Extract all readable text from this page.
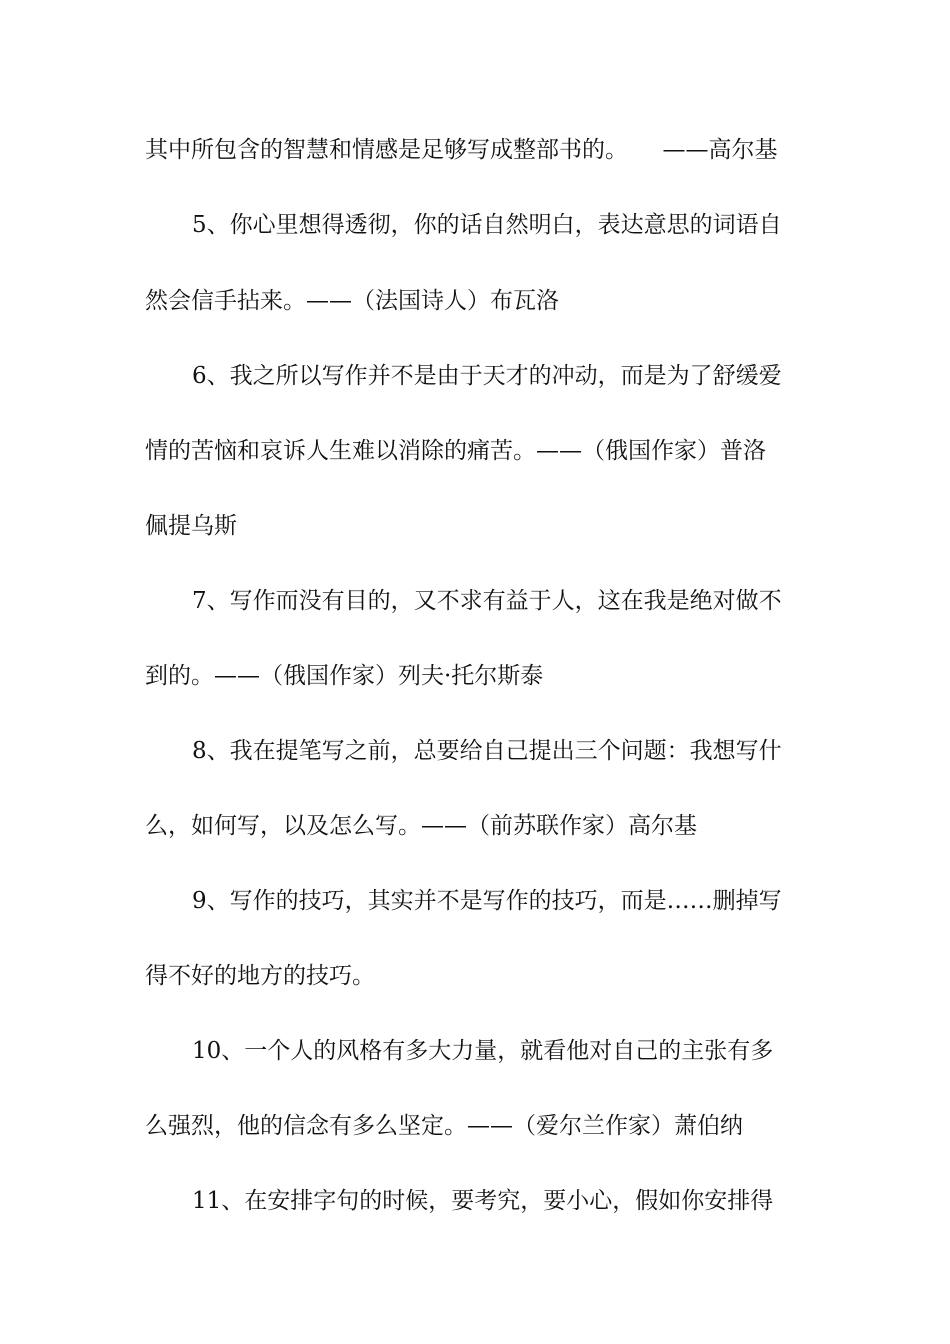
其中所包含的智慧和情感是足够写成整部书的。　　——高尔基
5、你心里想得透彻，你的话自然明白，表达意思的词语自
然会信手拈来。——（法国诗人）布瓦洛
6、我之所以写作并不是由于天才的冲动，而是为了舒缓爱
情的苦恼和哀诉人生难以消除的痛苦。——（俄国作家）普洛
佩提乌斯
7、写作而没有目的，又不求有益于人，这在我是绝对做不
到的。——（俄国作家）列夫·托尔斯泰
8、我在提笔写之前，总要给自己提出三个问题：我想写什
么，如何写，以及怎么写。——（前苏联作家）高尔基
9、写作的技巧，其实并不是写作的技巧，而是……删掉写
得不好的地方的技巧。
10、一个人的风格有多大力量，就看他对自己的主张有多
么强烈，他的信念有多么坚定。——（爱尔兰作家）萧伯纳
11、在安排字句的时候，要考究，要小心，假如你安排得
